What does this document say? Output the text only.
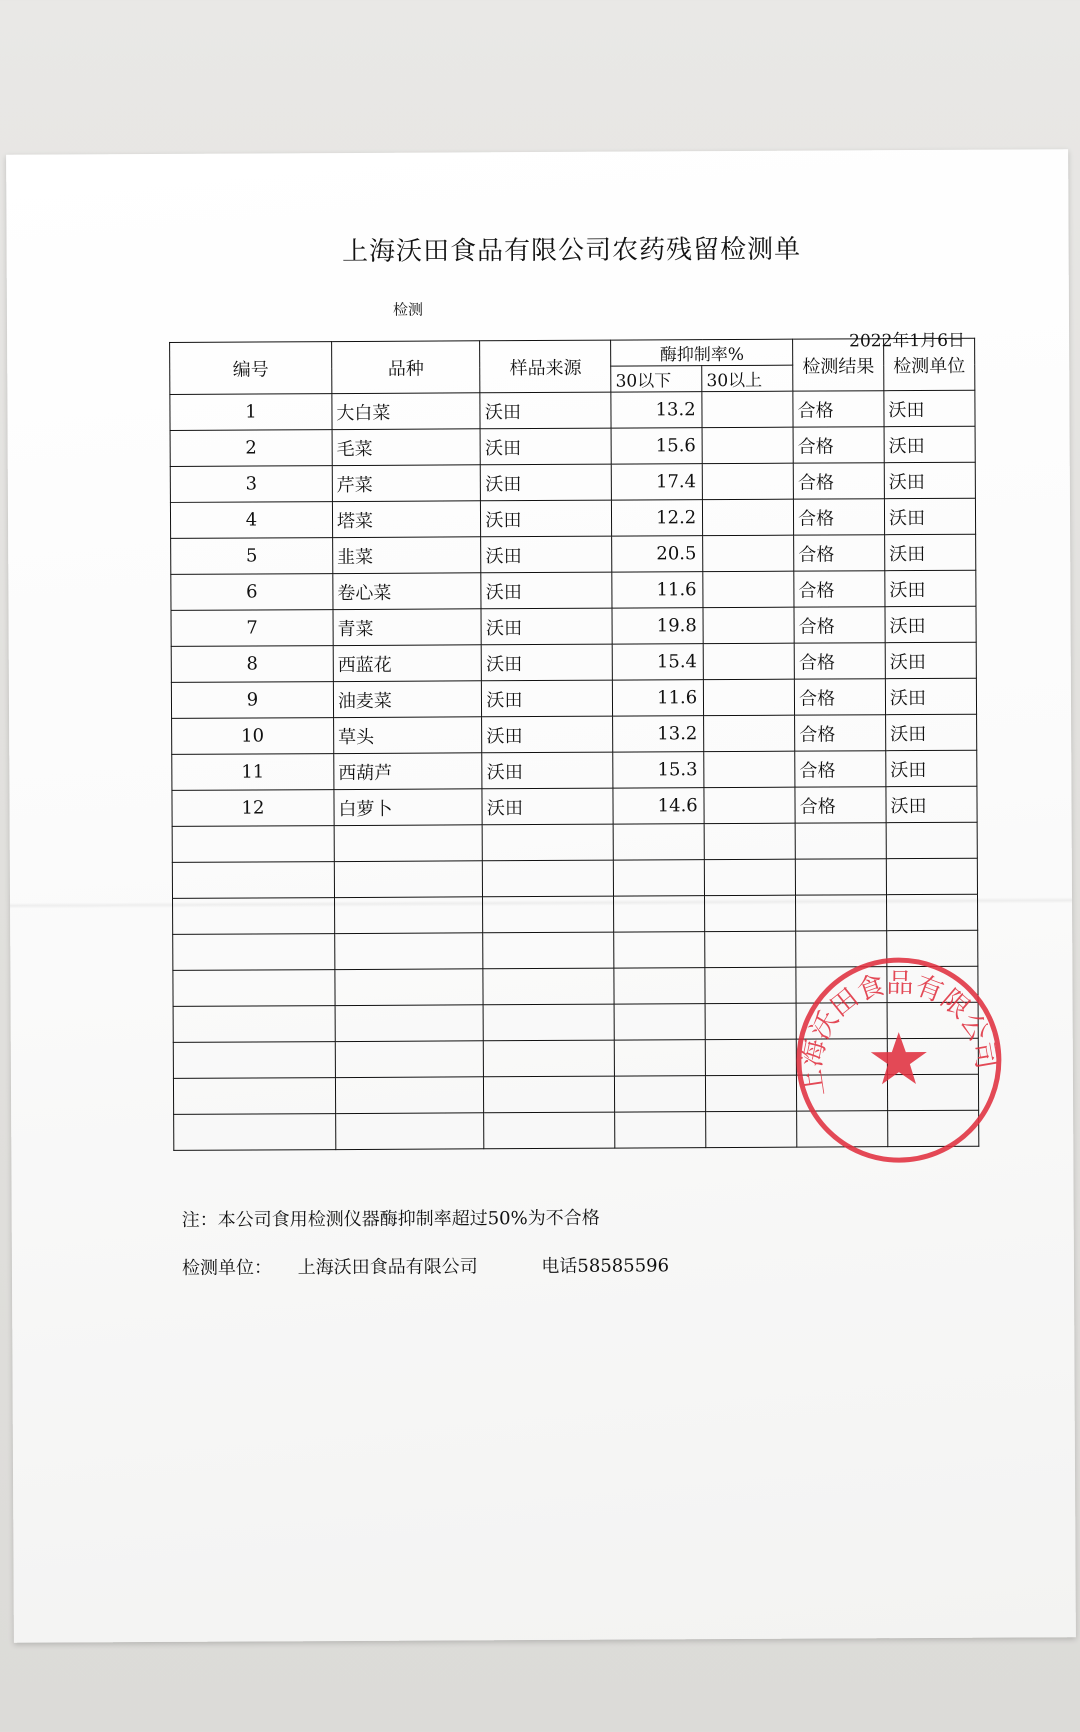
上海沃田食品有限公司农药残留检测单
检测
2022年1月6日
编号	品种	样品来源	酶抑制率%		检测结果	检测单位
			30以下	30以上		
1	大白菜	沃田	13.2		合格	沃田
2	毛菜	沃田	15.6		合格	沃田
3	芹菜	沃田	17.4		合格	沃田
4	塔菜	沃田	12.2		合格	沃田
5	韭菜	沃田	20.5		合格	沃田
6	卷心菜	沃田	11.6		合格	沃田
7	青菜	沃田	19.8		合格	沃田
8	西蓝花	沃田	15.4		合格	沃田
9	油麦菜	沃田	11.6		合格	沃田
10	草头	沃田	13.2		合格	沃田
11	西葫芦	沃田	15.3		合格	沃田
12	白萝卜	沃田	14.6		合格	沃田

注：本公司食用检测仪器酶抑制率超过50%为不合格
检测单位： 上海沃田食品有限公司	电话58585596
上海沃田食品有限公司
